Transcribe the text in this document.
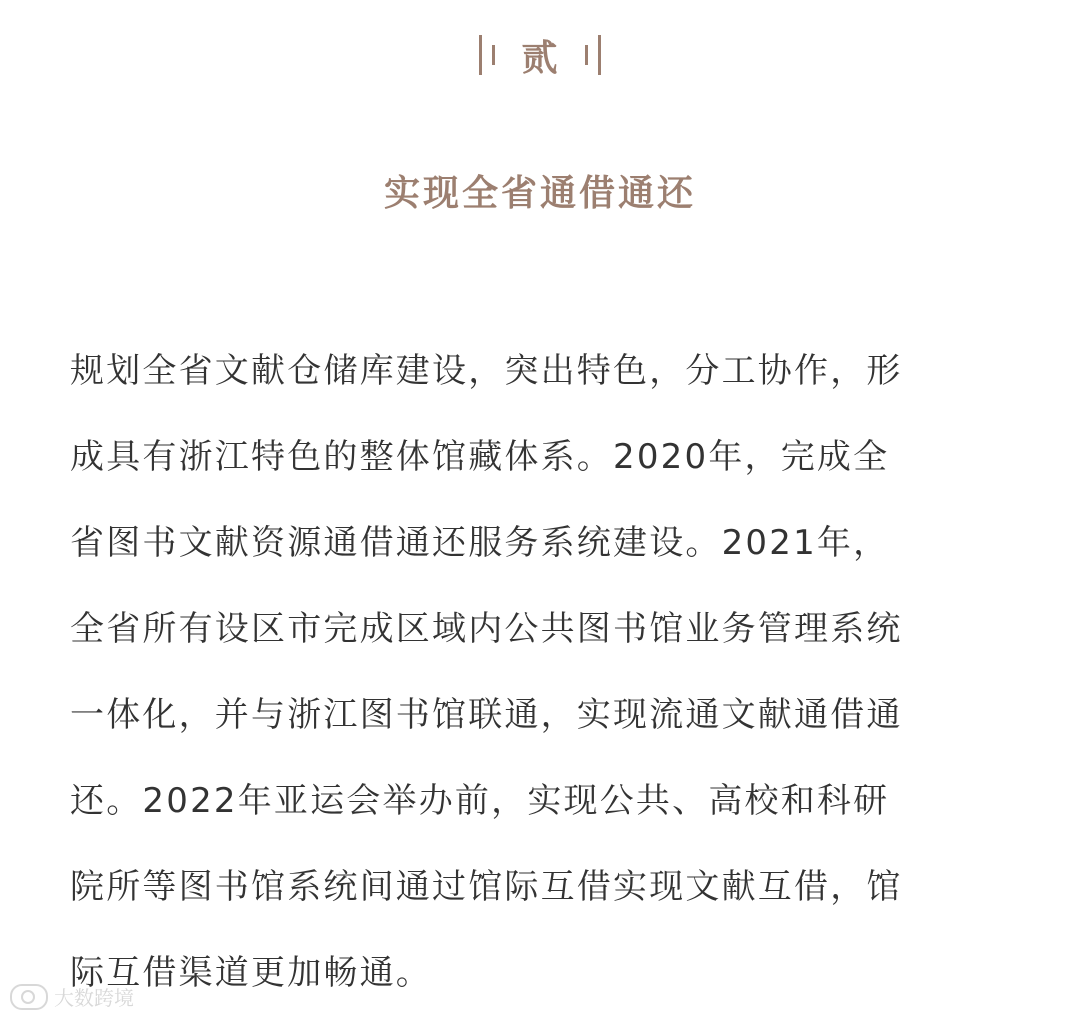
贰
实现全省通借通还

规划全省文献仓储库建设，突出特色，分工协作，形
成具有浙江特色的整体馆藏体系。2020年，完成全
省图书文献资源通借通还服务系统建设。2021年，
全省所有设区市完成区域内公共图书馆业务管理系统
一体化，并与浙江图书馆联通，实现流通文献通借通
还。2022年亚运会举办前，实现公共、高校和科研
院所等图书馆系统间通过馆际互借实现文献互借，馆
际互借渠道更加畅通。

大数跨境
